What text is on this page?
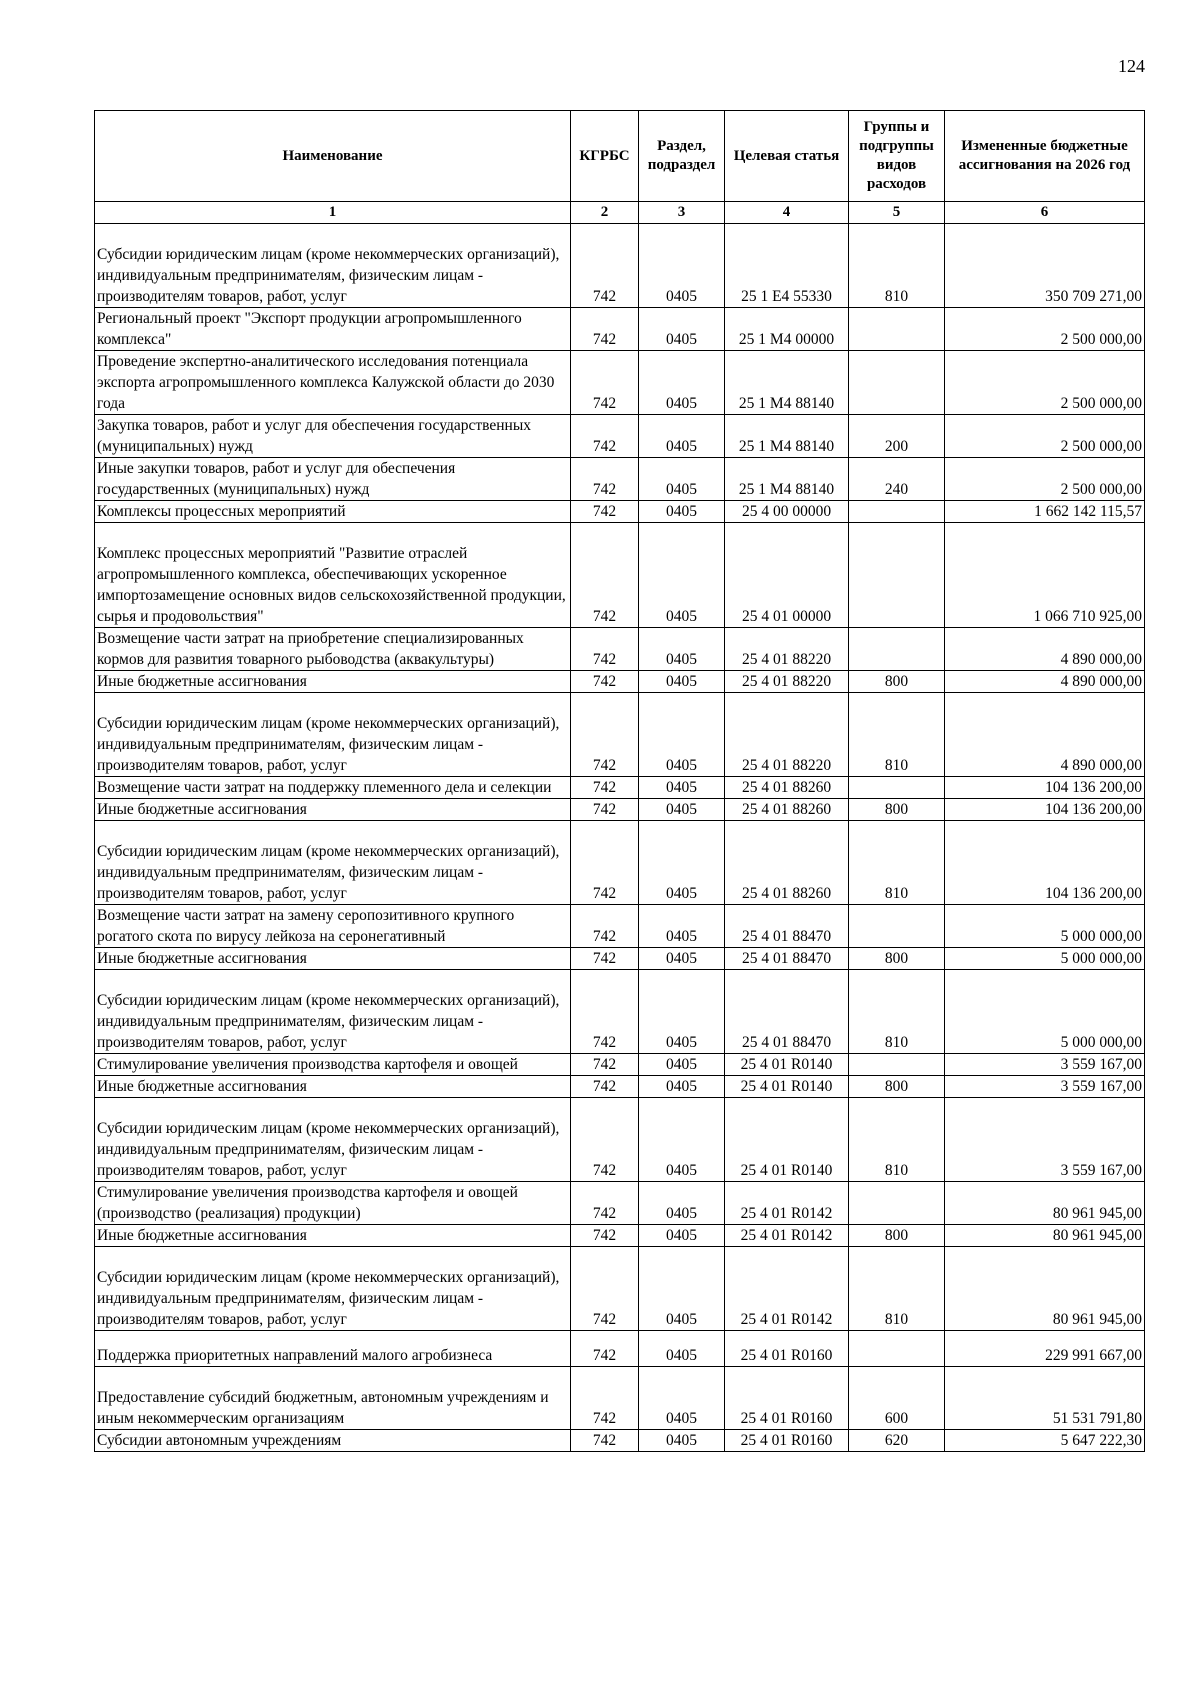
124
Наименование	КГРБС	Раздел, подраздел	Целевая статья	Группы и подгруппы видов расходов	Измененные бюджетные ассигнования на 2026 год
1	2	3	4	5	6

Субсидии юридическим лицам (кроме некоммерческих организаций), индивидуальным предпринимателям, физическим лицам - производителям товаров, работ, услуг	742	0405	25 1 Е4 55330	810	350 709 271,00
Региональный проект "Экспорт продукции агропромышленного комплекса"	742	0405	25 1 М4 00000		2 500 000,00
Проведение экспертно-аналитического исследования потенциала экспорта агропромышленного комплекса Калужской области до 2030 года	742	0405	25 1 М4 88140		2 500 000,00
Закупка товаров, работ и услуг для обеспечения государственных (муниципальных) нужд	742	0405	25 1 М4 88140	200	2 500 000,00
Иные закупки товаров, работ и услуг для обеспечения государственных (муниципальных) нужд	742	0405	25 1 М4 88140	240	2 500 000,00
Комплексы процессных мероприятий	742	0405	25 4 00 00000		1 662 142 115,57

Комплекс процессных мероприятий "Развитие отраслей агропромышленного комплекса, обеспечивающих ускоренное импортозамещение основных видов сельскохозяйственной продукции, сырья и продовольствия"	742	0405	25 4 01 00000		1 066 710 925,00
Возмещение части затрат на приобретение специализированных кормов для развития товарного рыбоводства (аквакультуры)	742	0405	25 4 01 88220		4 890 000,00
Иные бюджетные ассигнования	742	0405	25 4 01 88220	800	4 890 000,00

Субсидии юридическим лицам (кроме некоммерческих организаций), индивидуальным предпринимателям, физическим лицам - производителям товаров, работ, услуг	742	0405	25 4 01 88220	810	4 890 000,00
Возмещение части затрат на поддержку племенного дела и селекции	742	0405	25 4 01 88260		104 136 200,00
Иные бюджетные ассигнования	742	0405	25 4 01 88260	800	104 136 200,00

Субсидии юридическим лицам (кроме некоммерческих организаций), индивидуальным предпринимателям, физическим лицам - производителям товаров, работ, услуг	742	0405	25 4 01 88260	810	104 136 200,00
Возмещение части затрат на замену серопозитивного крупного рогатого скота по вирусу лейкоза на серонегативный	742	0405	25 4 01 88470		5 000 000,00
Иные бюджетные ассигнования	742	0405	25 4 01 88470	800	5 000 000,00

Субсидии юридическим лицам (кроме некоммерческих организаций), индивидуальным предпринимателям, физическим лицам - производителям товаров, работ, услуг	742	0405	25 4 01 88470	810	5 000 000,00
Стимулирование увеличения производства картофеля и овощей	742	0405	25 4 01 R0140		3 559 167,00
Иные бюджетные ассигнования	742	0405	25 4 01 R0140	800	3 559 167,00

Субсидии юридическим лицам (кроме некоммерческих организаций), индивидуальным предпринимателям, физическим лицам - производителям товаров, работ, услуг	742	0405	25 4 01 R0140	810	3 559 167,00
Стимулирование увеличения производства картофеля и овощей (производство (реализация) продукции)	742	0405	25 4 01 R0142		80 961 945,00
Иные бюджетные ассигнования	742	0405	25 4 01 R0142	800	80 961 945,00

Субсидии юридическим лицам (кроме некоммерческих организаций), индивидуальным предпринимателям, физическим лицам - производителям товаров, работ, услуг	742	0405	25 4 01 R0142	810	80 961 945,00

Поддержка приоритетных направлений малого агробизнеса	742	0405	25 4 01 R0160		229 991 667,00

Предоставление субсидий бюджетным, автономным учреждениям и иным некоммерческим организациям	742	0405	25 4 01 R0160	600	51 531 791,80
Субсидии автономным учреждениям	742	0405	25 4 01 R0160	620	5 647 222,30
